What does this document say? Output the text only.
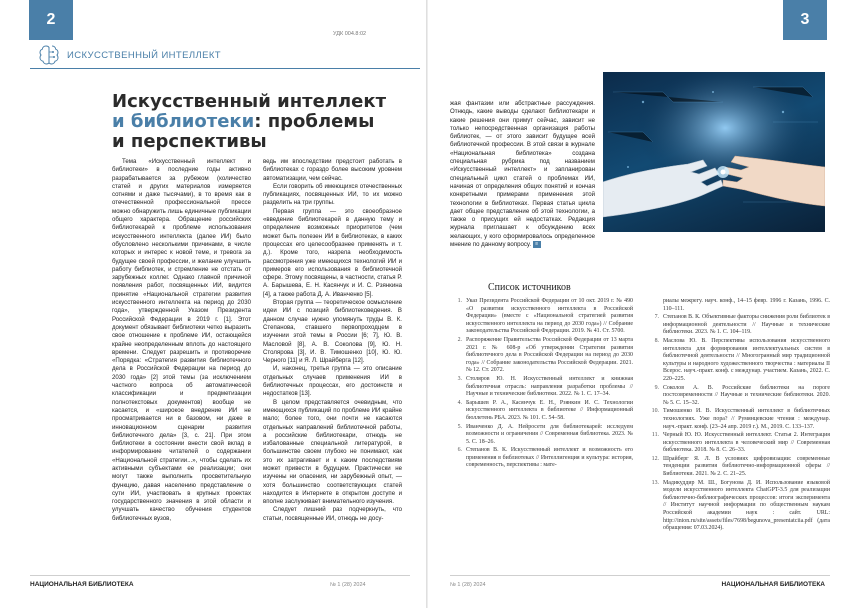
2
УДК 004.8:02
ИСКУССТВЕННЫЙ ИНТЕЛЛЕКТ
Искусственный интеллект
и библиотеки: проблемы
и перспективы

Тема «Искусственный интеллект и библиотеки» в последние годы активно разрабатывается за рубежом (количество статей и других материалов измеряется сотнями и даже тысячами), в то время как в отечественной профессиональной прессе можно обнаружить лишь единичные публикации общего характера. Обращение российских библиотекарей к проблеме использования искусственного интеллекта (далее ИИ) было обусловлено несколькими причинами, в числе которых и интерес к новой теме, и тревога за будущее своей профессии, и желание улучшить работу библиотек, и стремление не отстать от зарубежных коллег. Однако главной причиной появления работ, посвященных ИИ, видится принятие «Национальной стратегии развития искусственного интеллекта на период до 2030 года», утвержденной Указом Президента Российской Федерации в 2019 г. [1]. Этот документ обязывает библиотеки четко выразить свое отношение к проблеме ИИ, остающейся крайне неопределенным вплоть до настоящего времени. Следует разрешить и противоречие «Порядка: «Стратегия развития библиотечного дела в Российской Федерации на период до 2030 года» [2] этой темы (за исключением частного вопроса об автоматической классификации и предметизации полнотекстовых документов) вообще не касается, и «широкое внедрение ИИ не просматривается ни в базовом, ни даже в инновационном сценарии развития библиотечного дела» [3, с. 21]. При этом библиотеки в состоянии внести свой вклад в информирование читателей о содержании «Национальной стратегии...», чтобы сделать их активными субъектами ее реализации; они могут также выполнить просветительную функцию, давая населению представление о сути ИИ, участвовать в крупных проектах государственного значения в этой области и улучшать качество обучения студентов библиотечных вузов,

ведь им впоследствии предстоит работать в библиотеках с гораздо более высоким уровнем автоматизации, чем сейчас.

Если говорить об имеющихся отечественных публикациях, посвященных ИИ, то их можно разделить на три группы.

Первая группа — это своеобразное «введение библиотекарей в данную тему и определение возможных приоритетов (чем может быть полезен ИИ в библиотеках, в каких процессах его целесообразнее применять и т. д.). Кроме того, назрела необходимость рассмотрения уже имеющихся технологий ИИ и примеров его использования в библиотечной сфере. Этому посвящены, в частности, статья Р. А. Барышева, Е. Н. Касянчук и И. С. Рзянкина [4], а также работа Д. А. Иванченко [5].

Вторая группа — теоретическое осмысление идеи ИИ с позиций библиотековедения. В данном случае нужно упомянуть труды В. К. Степанова, ставшего первопроходцем в изучении этой темы в России [6; 7], Ю. В. Масловой [8], А. В. Соколова [9], Ю. Н. Столярова [3], И. В. Тимошенко [10], Ю. Ю. Черного [11] и Я. Л. Шрайберга [12].

И, наконец, третья группа — это описание отдельных случаев применения ИИ в библиотечных процессах, его достоинств и недостатков [13].

В целом представляется очевидным, что имеющихся публикаций по проблеме ИИ крайне мало; более того, они почти не касаются отдельных направлений библиотечной работы, а российские библиотекари, отнюдь не избалованные специальной литературой, в большинстве своем глубоко не понимают, как это их затрагивает и к каким последствиям может привести в будущем. Практически не изучены ни опасения, ни зарубежный опыт, — хотя большинство соответствующих статей находится в Интернете в открытом доступе и вполне заслуживает внимательного изучения.

Следует лишний раз подчеркнуть, что статьи, посвященные ИИ, отнюдь не досу-

НАЦИОНАЛЬНАЯ БИБЛИОТЕКА	№ 1 (28) 2024
3

жая фантазии или абстрактные рассуждения. Отнюдь, какие выводы сделают библиотекари и какие решения они примут сейчас, зависит не только непосредственная организация работы библиотек, — от этого зависит будущее всей библиотечной профессии. В этой связи в журнале «Национальная библиотека» создана специальная рубрика под названием «Искусственный интеллект» и запланирован специальный цикл статей о проблемах ИИ, начиная от определения общих понятий и кончая конкретными примерами применения этой технологии в библиотеках. Первая статья цикла дает общее представление об этой технологии, а также о присущих ей недостатках. Редакция журнала приглашает к обсуждению всех желающих, у кого сформировалось определенное мнение по данному вопросу. ≡

Список источников
1. Указ Президента Российской Федерации от 10 окт. 2019 г. № 490 «О развитии искусственного интеллекта в Российской Федерации» (вместе с «Национальной стратегией развития искусственного интеллекта на период до 2030 года») // Собрание законодательства Российской Федерации. 2019. № 41. Ст. 5700.
2. Распоряжение Правительства Российской Федерации от 13 марта 2021 г. № 608-р «Об утверждении Стратегии развития библиотечного дела в Российской Федерации на период до 2030 года» // Собрание законодательства Российской Федерации. 2021. № 12. Ст. 2072.
3. Столяров Ю. Н. Искусственный интеллект и книжная библиотечная отрасль: направления разработки проблемы // Научные и технические библиотеки. 2022. № 1. С. 17–34.
4. Барышев Р. А., Касянчук Е. Н., Рзянкин И. С. Технологии искусственного интеллекта в библиотеке // Информационный бюллетень РБА. 2023. № 101. С. 54–58.
5. Иванченко Д. А. Нейросети для библиотекарей: исследуем возможности и ограничения // Современная библиотека. 2023. № 5. С. 18–26.
6. Степанов В. К. Искусственный интеллект и возможность его применения в библиотеках // Интеллигенция и культура: история, современность, перспективы : мате-
риалы межрегу. науч. конф., 14–15 февр. 1996 г. Казань, 1996. С. 110–111.
7. Степанов В. К. Объективные факторы снижения роли библиотек в информационной деятельности // Научные и технические библиотеки. 2023. № 1. С. 104–119.
8. Маслова Ю. В. Перспективы использования искусственного интеллекта для формирования интеллектуальных систем в библиотечной деятельности // Многогранный мир традиционной культуры и народного художественного творчества : материалы II Всерос. науч.-практ. конф. с междунар. участием. Казань, 2022. С. 220–225.
9. Соколов А. В. Российские библиотеки на пороге постсовременности // Научные и технические библиотеки. 2020. № 5. С. 15–32.
10. Тимошенко И. В. Искусственный интеллект в библиотечных технологиях. Уже пора? // Румянцевские чтения : междунар. науч.-практ. конф. (23–24 апр. 2019 г.). М., 2019. С. 133–137.
11. Черный Ю. Ю. Искусственный интеллект. Статья 2. Интеграция искусственного интеллекта в человеческий мир // Современная библиотека. 2018. № 8. С. 26–33.
12. Шрайберг Я. Л. В условиях цифровизации: современные тенденции развития библиотечно-информационной сферы // Библиотеки. 2021. № 2. С. 21–25.
13. Мадикуддир М. Ш., Богунова Д. И. Использование языковой модели искусственного интеллекта ChatGPT-3.5 для реализации библиотечно-библиографических процессов: итоги эксперимента // Институт научной информации по общественным наукам Российской академии наук : сайт. URL: http://inion.ru/site/assets/files/7698/begunova_presentatciia.pdf (дата обращения: 07.03.2024).
№ 1 (28) 2024	НАЦИОНАЛЬНАЯ БИБЛИОТЕКА
